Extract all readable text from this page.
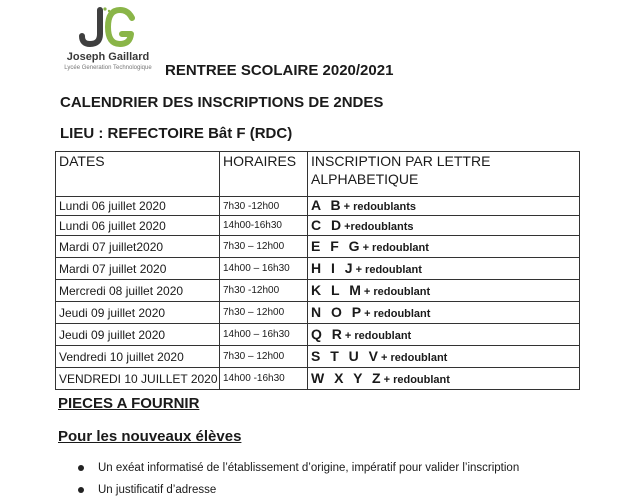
Joseph Gaillard
Lycée Generation Technologique RENTREE SCOLAIRE 2020/2021
CALENDRIER DES INSCRIPTIONS DE 2NDES
LIEU : REFECTOIRE Bât F (RDC)
DATES	HORAIRES	INSCRIPTION PAR LETTRE ALPHABETIQUE
Lundi 06 juillet 2020	7h30 -12h00	A B+ redoublants
Lundi 06 juillet 2020	14h00-16h30	C D+redoublants
Mardi 07 juillet2020	7h30 – 12h00	E F G+ redoublant
Mardi 07 juillet 2020	14h00 – 16h30	H I J+ redoublant
Mercredi 08 juillet 2020	7h30 -12h00	K L M+ redoublant
Jeudi 09 juillet 2020	7h30 – 12h00	N O P+ redoublant
Jeudi 09 juillet 2020	14h00 – 16h30	Q R+ redoublant
Vendredi 10 juillet 2020	7h30 – 12h00	S T U V+ redoublant
VENDREDI 10 JUILLET 2020	14h00 -16h30	W X Y Z+ redoublant
PIECES A FOURNIR
Pour les nouveaux élèves
Un exéat informatisé de l’établissement d’origine, impératif pour valider l’inscription
Un justificatif d’adresse
